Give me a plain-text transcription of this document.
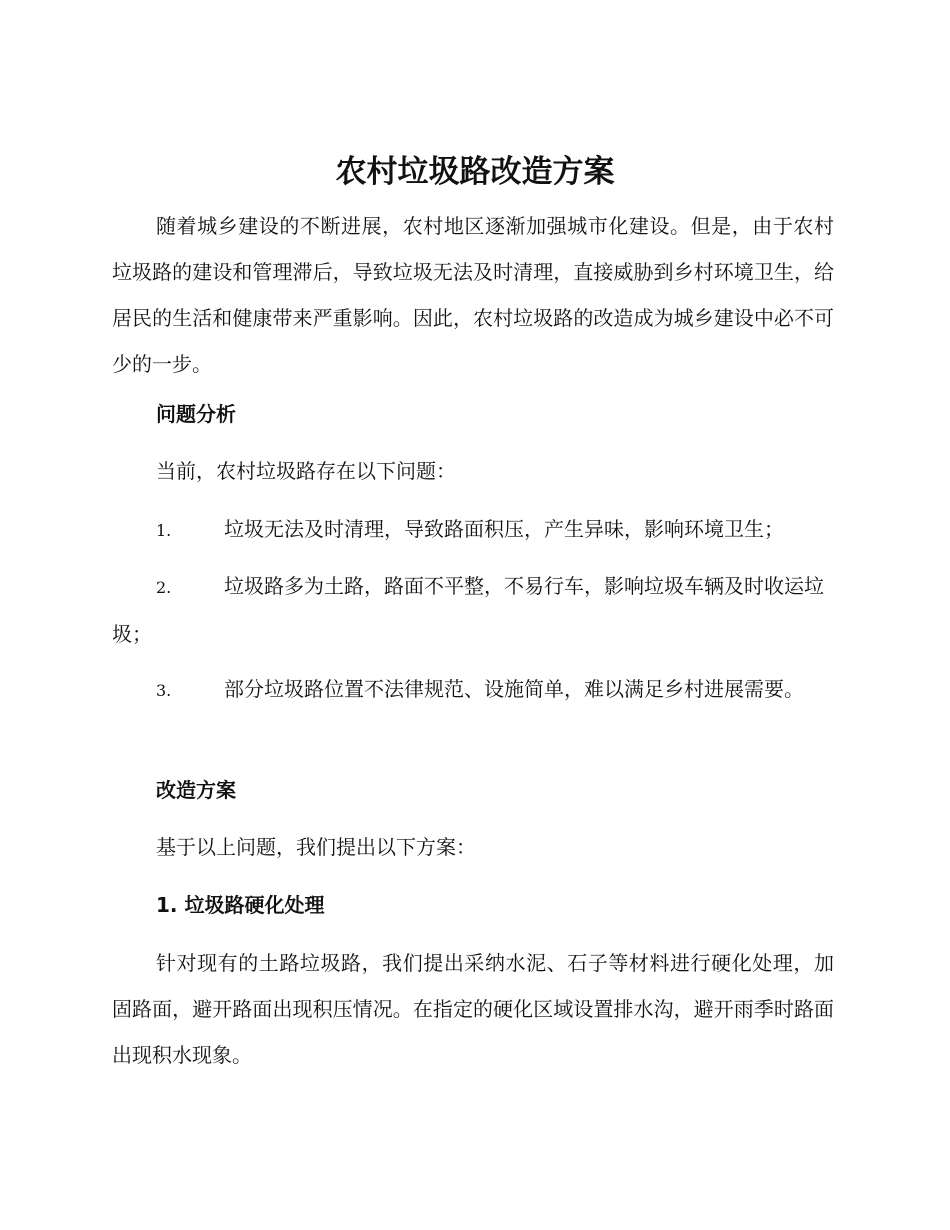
农村垃圾路改造方案

随着城乡建设的不断进展，农村地区逐渐加强城市化建设。但是，由于农村垃圾路的建设和管理滞后，导致垃圾无法及时清理，直接威胁到乡村环境卫生，给居民的生活和健康带来严重影响。因此，农村垃圾路的改造成为城乡建设中必不可少的一步。

问题分析

当前，农村垃圾路存在以下问题：

1.	垃圾无法及时清理，导致路面积压，产生异味，影响环境卫生；

2.	垃圾路多为土路，路面不平整，不易行车，影响垃圾车辆及时收运垃圾；

3.	部分垃圾路位置不法律规范、设施简单，难以满足乡村进展需要。

改造方案

基于以上问题，我们提出以下方案：

1. 垃圾路硬化处理

针对现有的土路垃圾路，我们提出采纳水泥、石子等材料进行硬化处理，加固路面，避开路面出现积压情况。在指定的硬化区域设置排水沟，避开雨季时路面出现积水现象。
